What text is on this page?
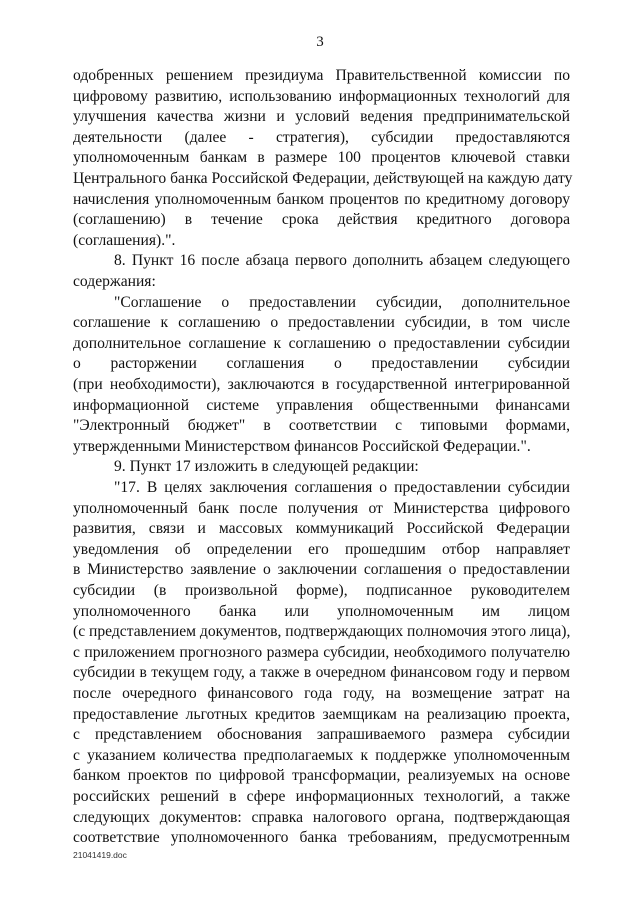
3
одобренных решением президиума Правительственной комиссии по
цифровому развитию, использованию информационных технологий для
улучшения качества жизни и условий ведения предпринимательской
деятельности (далее - стратегия), субсидии предоставляются
уполномоченным банкам в размере 100 процентов ключевой ставки
Центрального банка Российской Федерации, действующей на каждую дату
начисления уполномоченным банком процентов по кредитному договору
(соглашению) в течение срока действия кредитного договора
(соглашения).".
8. Пункт 16 после абзаца первого дополнить абзацем следующего
содержания:
"Соглашение о предоставлении субсидии, дополнительное
соглашение к соглашению о предоставлении субсидии, в том числе
дополнительное соглашение к соглашению о предоставлении субсидии
о расторжении соглашения о предоставлении субсидии
(при необходимости), заключаются в государственной интегрированной
информационной системе управления общественными финансами
"Электронный бюджет" в соответствии с типовыми формами,
утвержденными Министерством финансов Российской Федерации.".
9. Пункт 17 изложить в следующей редакции:
"17. В целях заключения соглашения о предоставлении субсидии
уполномоченный банк после получения от Министерства цифрового
развития, связи и массовых коммуникаций Российской Федерации
уведомления об определении его прошедшим отбор направляет
в Министерство заявление о заключении соглашения о предоставлении
субсидии (в произвольной форме), подписанное руководителем
уполномоченного банка или уполномоченным им лицом
(с представлением документов, подтверждающих полномочия этого лица),
с приложением прогнозного размера субсидии, необходимого получателю
субсидии в текущем году, а также в очередном финансовом году и первом
после очередного финансового года году, на возмещение затрат на
предоставление льготных кредитов заемщикам на реализацию проекта,
с представлением обоснования запрашиваемого размера субсидии
с указанием количества предполагаемых к поддержке уполномоченным
банком проектов по цифровой трансформации, реализуемых на основе
российских решений в сфере информационных технологий, а также
следующих документов: справка налогового органа, подтверждающая
соответствие уполномоченного банка требованиям, предусмотренным
21041419.doc
